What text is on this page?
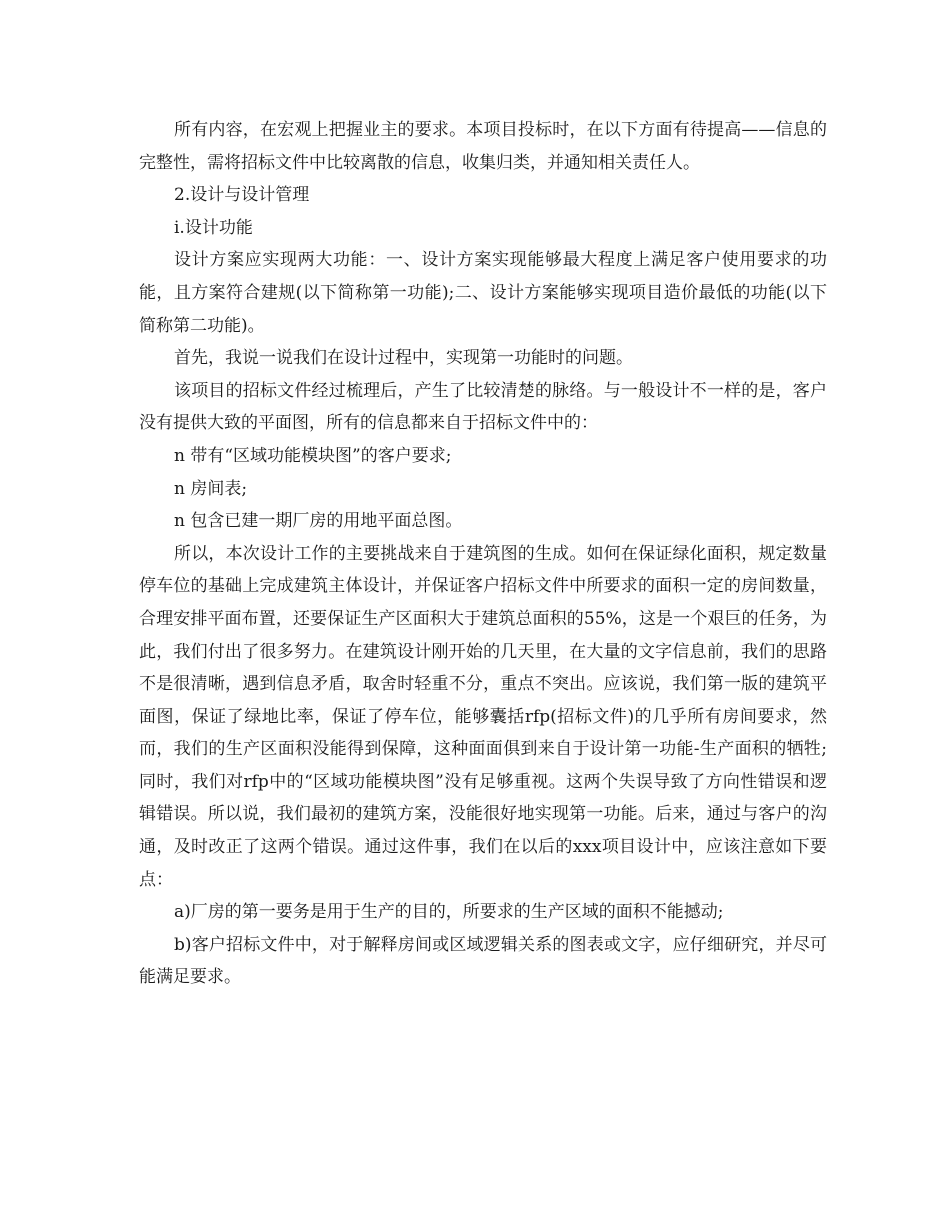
所有内容，在宏观上把握业主的要求。本项目投标时，在以下方面有待提高——信息的完整性，需将招标文件中比较离散的信息，收集归类，并通知相关责任人。

2.设计与设计管理

i.设计功能

设计方案应实现两大功能：一、设计方案实现能够最大程度上满足客户使用要求的功能，且方案符合建规(以下简称第一功能);二、设计方案能够实现项目造价最低的功能(以下简称第二功能)。

首先，我说一说我们在设计过程中，实现第一功能时的问题。

该项目的招标文件经过梳理后，产生了比较清楚的脉络。与一般设计不一样的是，客户没有提供大致的平面图，所有的信息都来自于招标文件中的：

n 带有“区域功能模块图”的客户要求;

n 房间表;

n 包含已建一期厂房的用地平面总图。

所以，本次设计工作的主要挑战来自于建筑图的生成。如何在保证绿化面积，规定数量停车位的基础上完成建筑主体设计，并保证客户招标文件中所要求的面积一定的房间数量，合理安排平面布置，还要保证生产区面积大于建筑总面积的55%，这是一个艰巨的任务，为此，我们付出了很多努力。在建筑设计刚开始的几天里，在大量的文字信息前，我们的思路不是很清晰，遇到信息矛盾，取舍时轻重不分，重点不突出。应该说，我们第一版的建筑平面图，保证了绿地比率，保证了停车位，能够囊括rfp(招标文件)的几乎所有房间要求，然而，我们的生产区面积没能得到保障，这种面面俱到来自于设计第一功能-生产面积的牺牲;同时，我们对rfp中的“区域功能模块图”没有足够重视。这两个失误导致了方向性错误和逻辑错误。所以说，我们最初的建筑方案，没能很好地实现第一功能。后来，通过与客户的沟通，及时改正了这两个错误。通过这件事，我们在以后的xxx项目设计中，应该注意如下要点：

a)厂房的第一要务是用于生产的目的，所要求的生产区域的面积不能撼动;

b)客户招标文件中，对于解释房间或区域逻辑关系的图表或文字，应仔细研究，并尽可能满足要求。
